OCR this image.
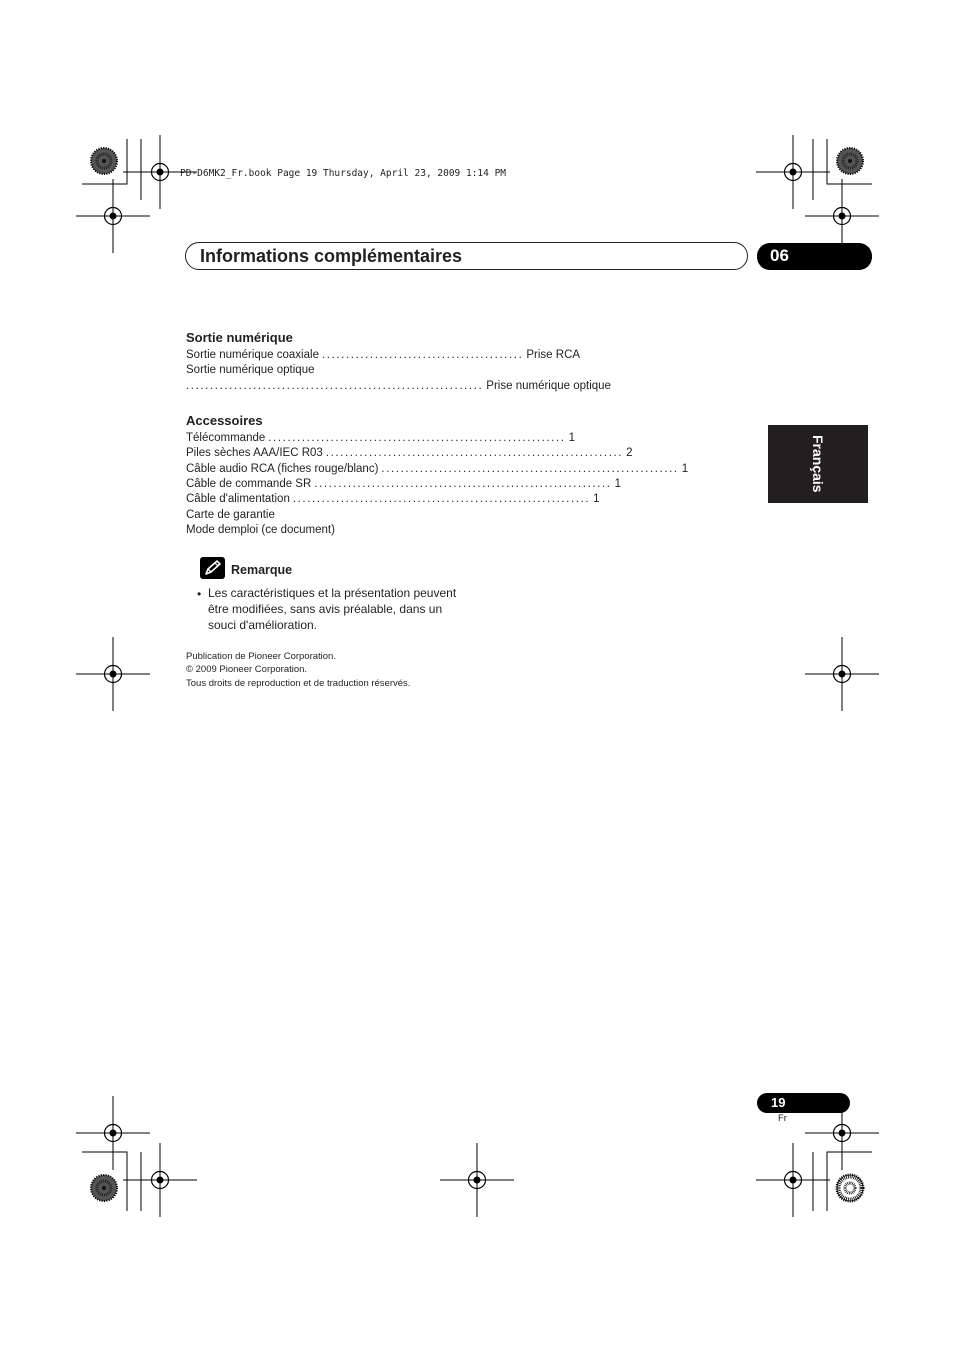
PD-D6MK2_Fr.book Page 19 Thursday, April 23, 2009 1:14 PM
Informations complémentaires	06
Français
Sortie numérique
Sortie numérique coaxiale .......................................... Prise RCA
Sortie numérique optique
.............................................................. Prise numérique optique
Accessoires
Télécommande .............................................................. 1
Piles sèches AAA/IEC R03 .............................................................. 2
Câble audio RCA (fiches rouge/blanc) .............................................................. 1
Câble de commande SR .............................................................. 1
Câble d'alimentation .............................................................. 1
Carte de garantie
Mode demploi (ce document)
Remarque
• Les caractéristiques et la présentation peuvent être modifiées, sans avis préalable, dans un souci d'amélioration.
Publication de Pioneer Corporation.
© 2009 Pioneer Corporation.
Tous droits de reproduction et de traduction réservés.
19
Fr
